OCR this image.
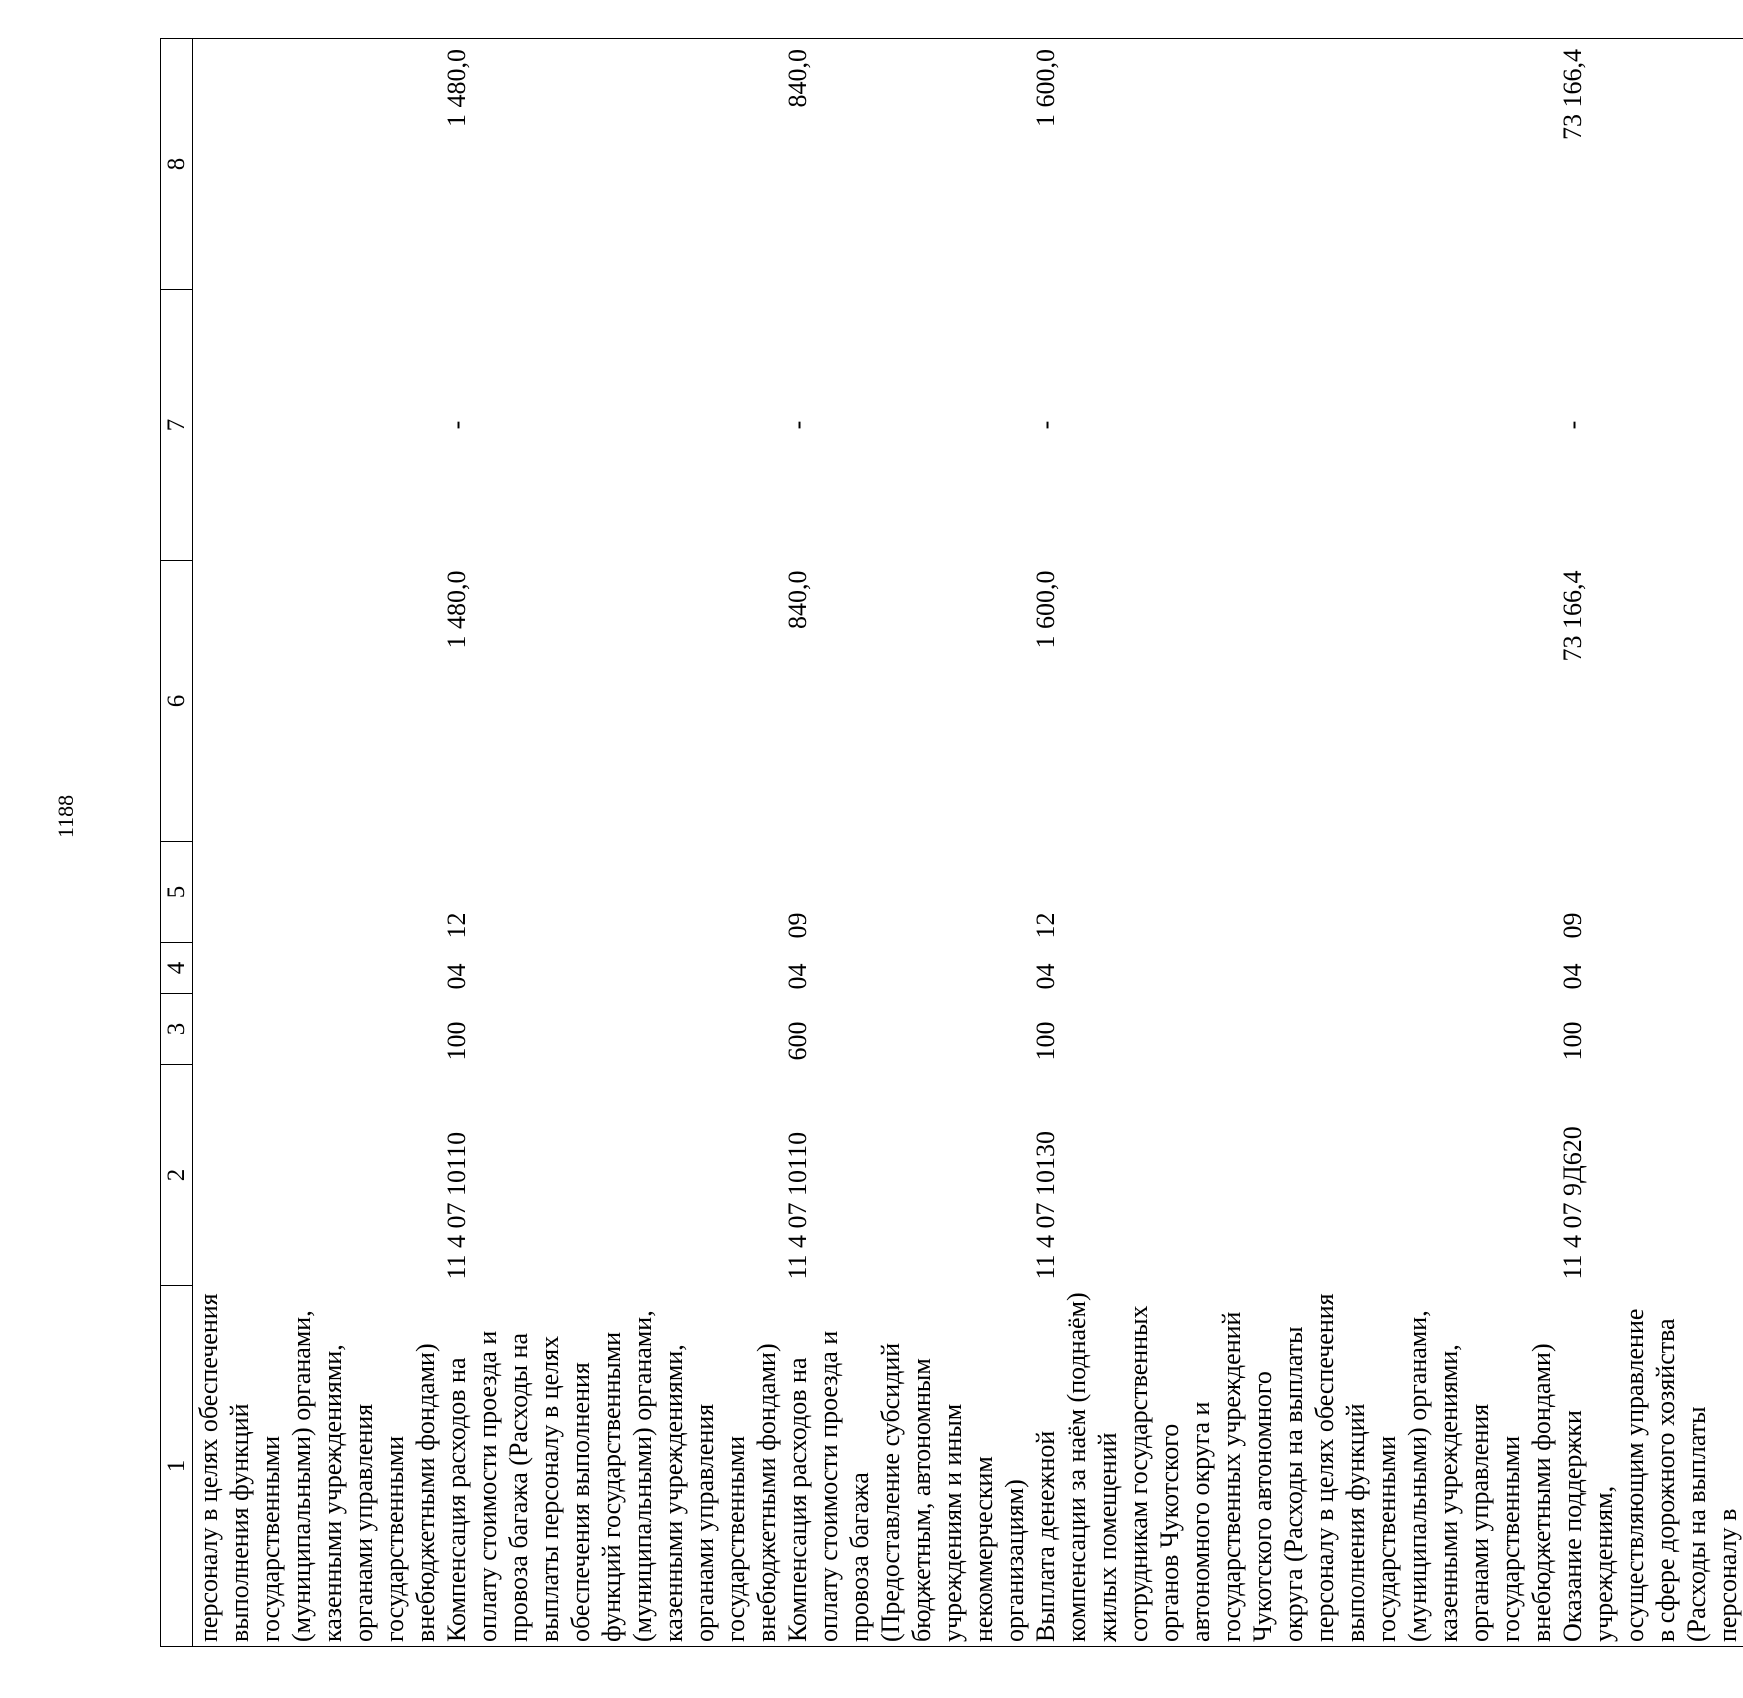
1188
1	2	3	4	5	6	7	8
персоналу в целях обеспечения выполнения функций государственными (муниципальными) органами, казенными учреждениями, органами управления государственными внебюджетными фондами)							
Компенсация расходов на оплату стоимости проезда и провоза багажа (Расходы на выплаты персоналу в целях обеспечения выполнения функций государственными (муниципальными) органами, казенными учреждениями, органами управления государственными внебюджетными фондами)	11 4 07 10110	100	04	12	1 480,0	-	1 480,0
Компенсация расходов на оплату стоимости проезда и провоза багажа (Предоставление субсидий бюджетным, автономным учреждениям и иным некоммерческим организациям)	11 4 07 10110	600	04	09	840,0	-	840,0
Выплата денежной компенсации за наём (поднаём) жилых помещений сотрудникам государственных органов Чукотского автономного округа и государственных учреждений Чукотского автономного округа (Расходы на выплаты персоналу в целях обеспечения выполнения функций государственными (муниципальными) органами, казенными учреждениями, органами управления государственными внебюджетными фондами)	11 4 07 10130	100	04	12	1 600,0	-	1 600,0
Оказание поддержки учреждениям, осуществляющим управление в сфере дорожного хозяйства (Расходы на выплаты персоналу в	11 4 07 9Д620	100	04	09	73 166,4	-	73 166,4
